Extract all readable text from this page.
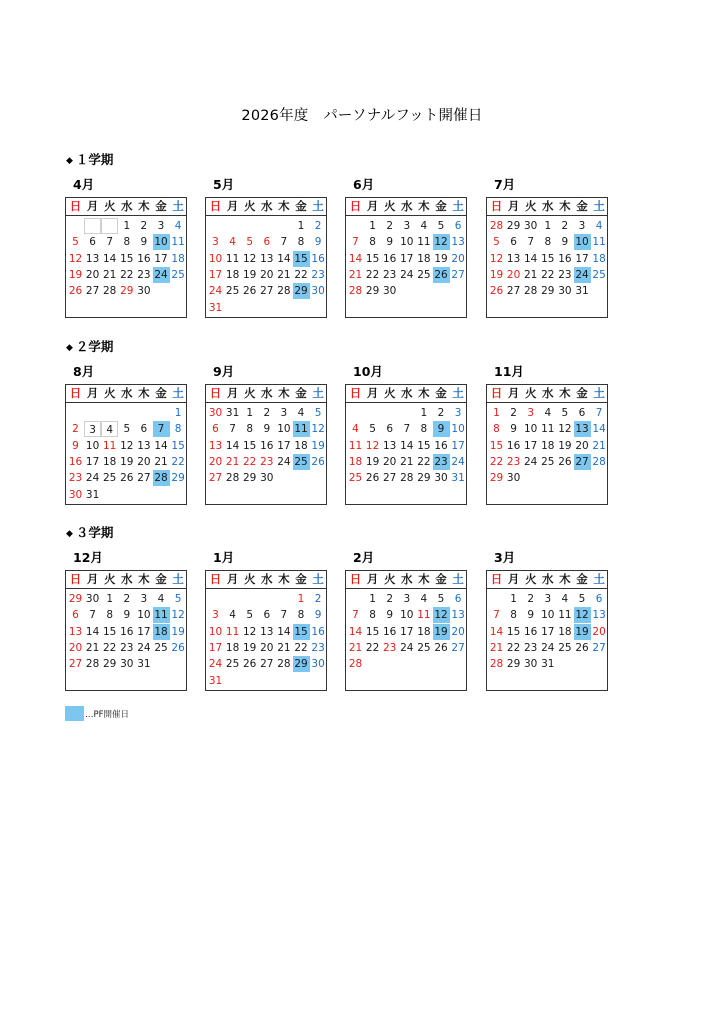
2026年度　パーソナルフット開催日
◆ １学期
4月
日 月 火 水 木 金 土
1 2 3 4
5 6 7 8 9 10 11
12 13 14 15 16 17 18
19 20 21 22 23 24 25
26 27 28 29 30
5月
日 月 火 水 木 金 土
1 2
3 4 5 6 7 8 9
10 11 12 13 14 15 16
17 18 19 20 21 22 23
24 25 26 27 28 29 30
31
6月
日 月 火 水 木 金 土
1 2 3 4 5 6
7 8 9 10 11 12 13
14 15 16 17 18 19 20
21 22 23 24 25 26 27
28 29 30
7月
日 月 火 水 木 金 土
28 29 30 1 2 3 4
5 6 7 8 9 10 11
12 13 14 15 16 17 18
19 20 21 22 23 24 25
26 27 28 29 30 31
◆ ２学期
8月
日 月 火 水 木 金 土
1
2 3 4 5 6 7 8
9 10 11 12 13 14 15
16 17 18 19 20 21 22
23 24 25 26 27 28 29
30 31
9月
日 月 火 水 木 金 土
30 31 1 2 3 4 5
6 7 8 9 10 11 12
13 14 15 16 17 18 19
20 21 22 23 24 25 26
27 28 29 30
10月
日 月 火 水 木 金 土
1 2 3
4 5 6 7 8 9 10
11 12 13 14 15 16 17
18 19 20 21 22 23 24
25 26 27 28 29 30 31
11月
日 月 火 水 木 金 土
1 2 3 4 5 6 7
8 9 10 11 12 13 14
15 16 17 18 19 20 21
22 23 24 25 26 27 28
29 30
◆ ３学期
12月
日 月 火 水 木 金 土
29 30 1 2 3 4 5
6 7 8 9 10 11 12
13 14 15 16 17 18 19
20 21 22 23 24 25 26
27 28 29 30 31
1月
日 月 火 水 木 金 土
1 2
3 4 5 6 7 8 9
10 11 12 13 14 15 16
17 18 19 20 21 22 23
24 25 26 27 28 29 30
31
2月
日 月 火 水 木 金 土
1 2 3 4 5 6
7 8 9 10 11 12 13
14 15 16 17 18 19 20
21 22 23 24 25 26 27
28
3月
日 月 火 水 木 金 土
1 2 3 4 5 6
7 8 9 10 11 12 13
14 15 16 17 18 19 20
21 22 23 24 25 26 27
28 29 30 31
…PF開催日
